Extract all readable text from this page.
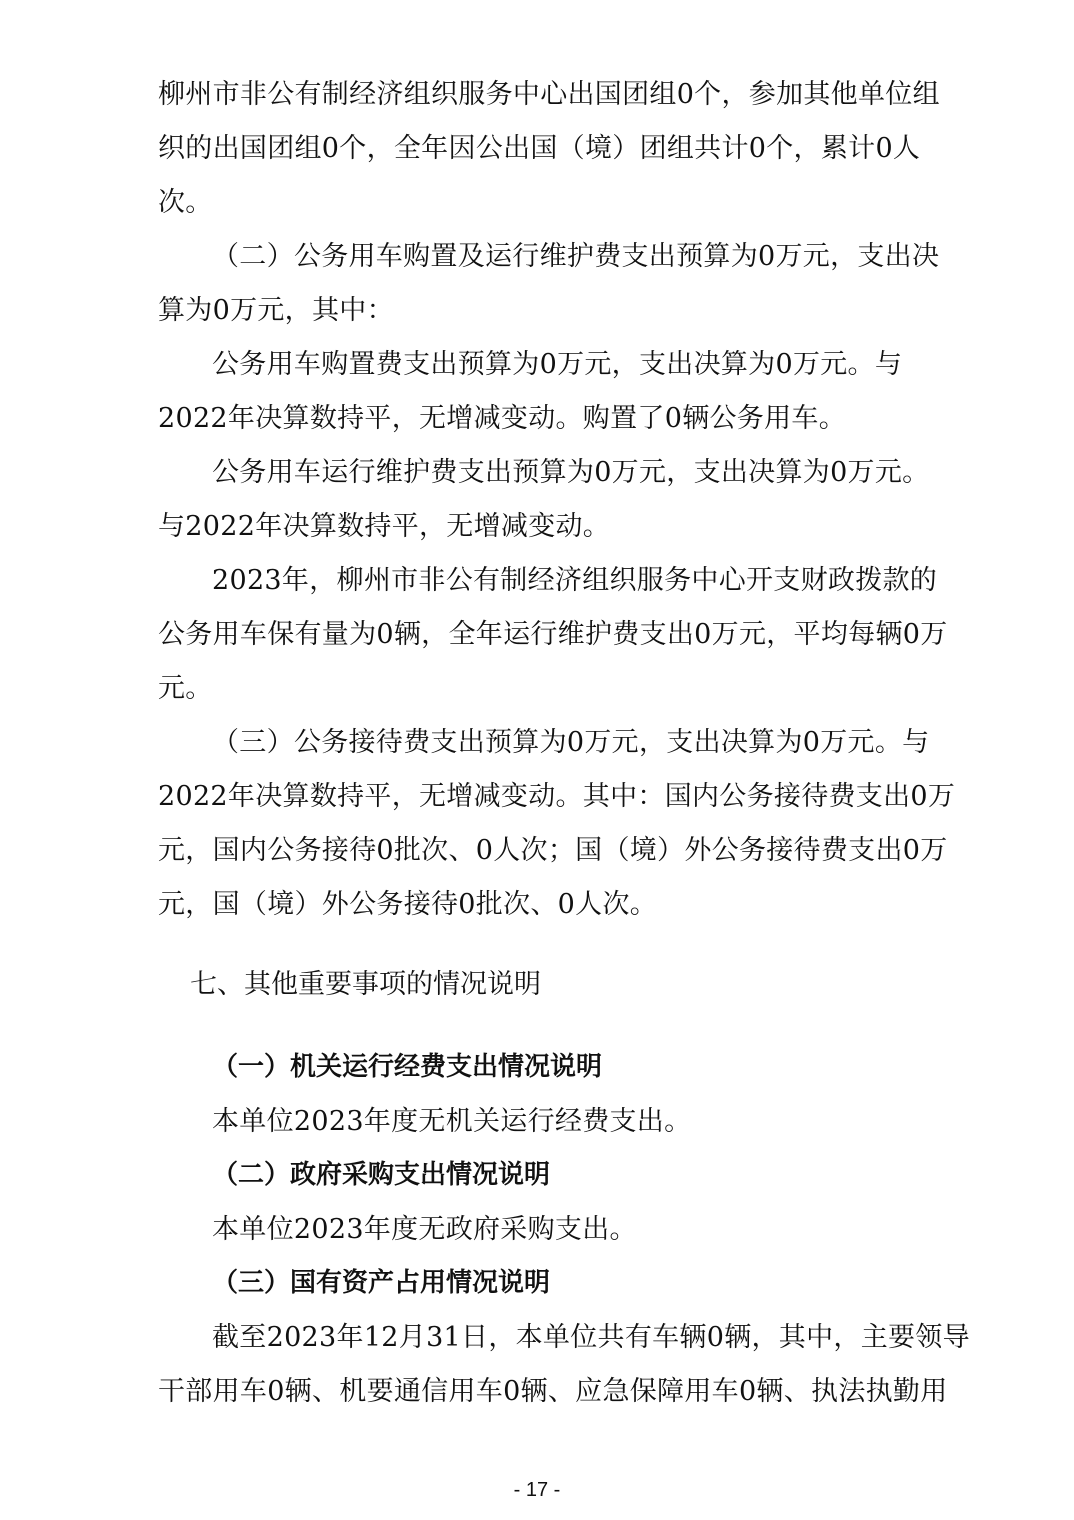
柳州市非公有制经济组织服务中心出国团组0个，参加其他单位组
织的出国团组0个，全年因公出国（境）团组共计0个，累计0人
次。
（二）公务用车购置及运行维护费支出预算为0万元，支出决
算为0万元，其中：
公务用车购置费支出预算为0万元，支出决算为0万元。与
2022年决算数持平，无增减变动。购置了0辆公务用车。
公务用车运行维护费支出预算为0万元，支出决算为0万元。
与2022年决算数持平，无增减变动。
2023年，柳州市非公有制经济组织服务中心开支财政拨款的
公务用车保有量为0辆，全年运行维护费支出0万元，平均每辆0万
元。
（三）公务接待费支出预算为0万元，支出决算为0万元。与
2022年决算数持平，无增减变动。其中：国内公务接待费支出0万
元，国内公务接待0批次、0人次；国（境）外公务接待费支出0万
元，国（境）外公务接待0批次、0人次。
七、其他重要事项的情况说明
（一）机关运行经费支出情况说明
本单位2023年度无机关运行经费支出。
（二）政府采购支出情况说明
本单位2023年度无政府采购支出。
（三）国有资产占用情况说明
截至2023年12月31日，本单位共有车辆0辆，其中，主要领导
干部用车0辆、机要通信用车0辆、应急保障用车0辆、执法执勤用
- 17 -
